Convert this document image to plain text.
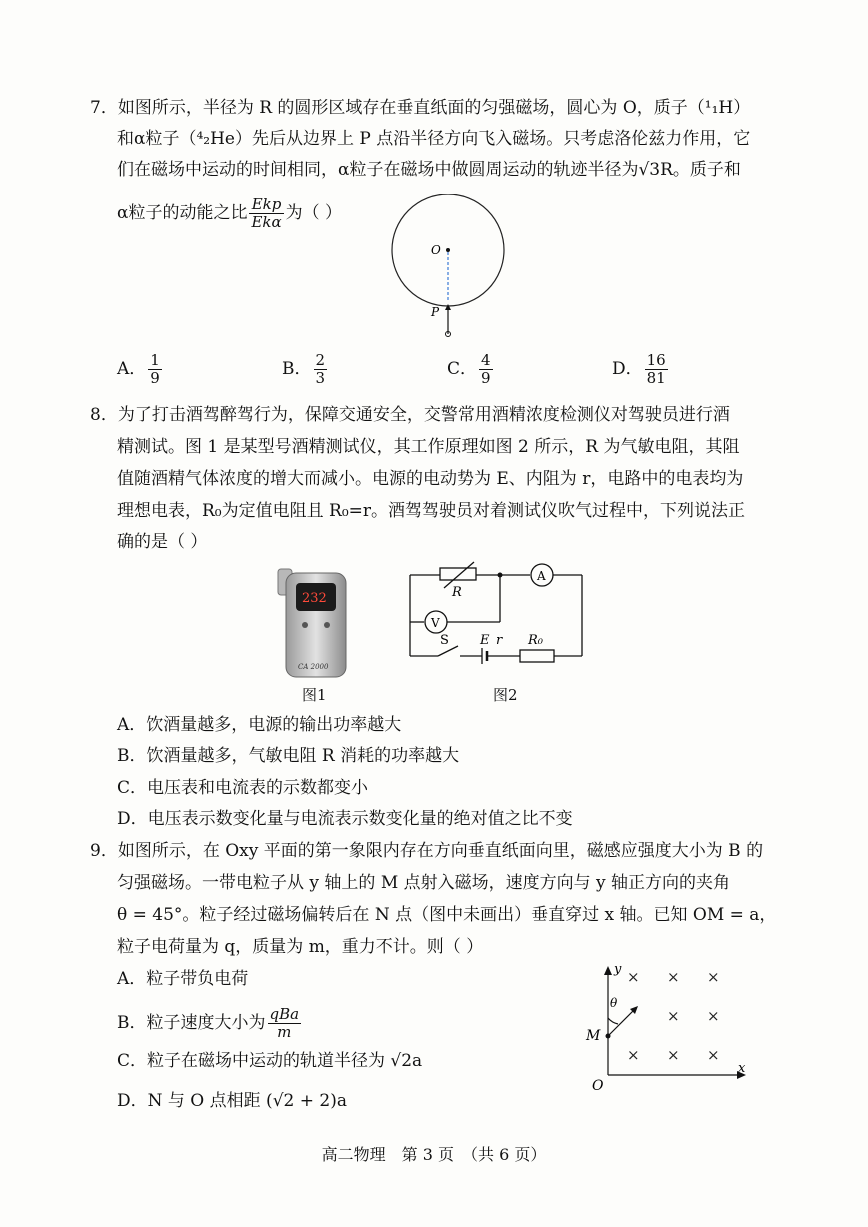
7．如图所示，半径为 R 的圆形区域存在垂直纸面的匀强磁场，圆心为 O，质子（¹₁H）
和α粒子（⁴₂He）先后从边界上 P 点沿半径方向飞入磁场。只考虑洛伦兹力作用，它
们在磁场中运动的时间相同，α粒子在磁场中做圆周运动的轨迹半径为√3R。质子和
α粒子的动能之比 $\frac{\text{Ekp}}{\text{Ekα}}$ 为（ ）
O
P
A． $\frac{1}{9}$	B． $\frac{2}{3}$	C． $\frac{4}{9}$	D． $\frac{16}{81}$
8．为了打击酒驾醉驾行为，保障交通安全，交警常用酒精浓度检测仪对驾驶员进行酒
精测试。图 1 是某型号酒精测试仪，其工作原理如图 2 所示，R 为气敏电阻，其阻
值随酒精气体浓度的增大而减小。电源的电动势为 E、内阻为 r，电路中的电表均为
理想电表，R₀为定值电阻且 R₀=r。酒驾驾驶员对着测试仪吹气过程中，下列说法正
确的是（ ）
232
CA 2000
R
A
V
S E r R₀
图1	图2
A．饮酒量越多，电源的输出功率越大
B．饮酒量越多，气敏电阻 R 消耗的功率越大
C．电压表和电流表的示数都变小
D．电压表示数变化量与电流表示数变化量的绝对值之比不变
9．如图所示，在 Oxy 平面的第一象限内存在方向垂直纸面向里，磁感应强度大小为 B 的
匀强磁场。一带电粒子从 y 轴上的 M 点射入磁场，速度方向与 y 轴正方向的夹角
θ = 45°。粒子经过磁场偏转后在 N 点（图中未画出）垂直穿过 x 轴。已知 OM = a，
粒子电荷量为 q，质量为 m，重力不计。则（ ）
A．粒子带负电荷
B．粒子速度大小为 $\frac{\text{qBa}}{m}$
C．粒子在磁场中运动的轨道半径为 √2a
D．N 与 O 点相距 (√2 + 2)a
y
x
O
M
θ
× × ×
× ×
× × ×
高二物理　第 3 页　（共 6 页）
